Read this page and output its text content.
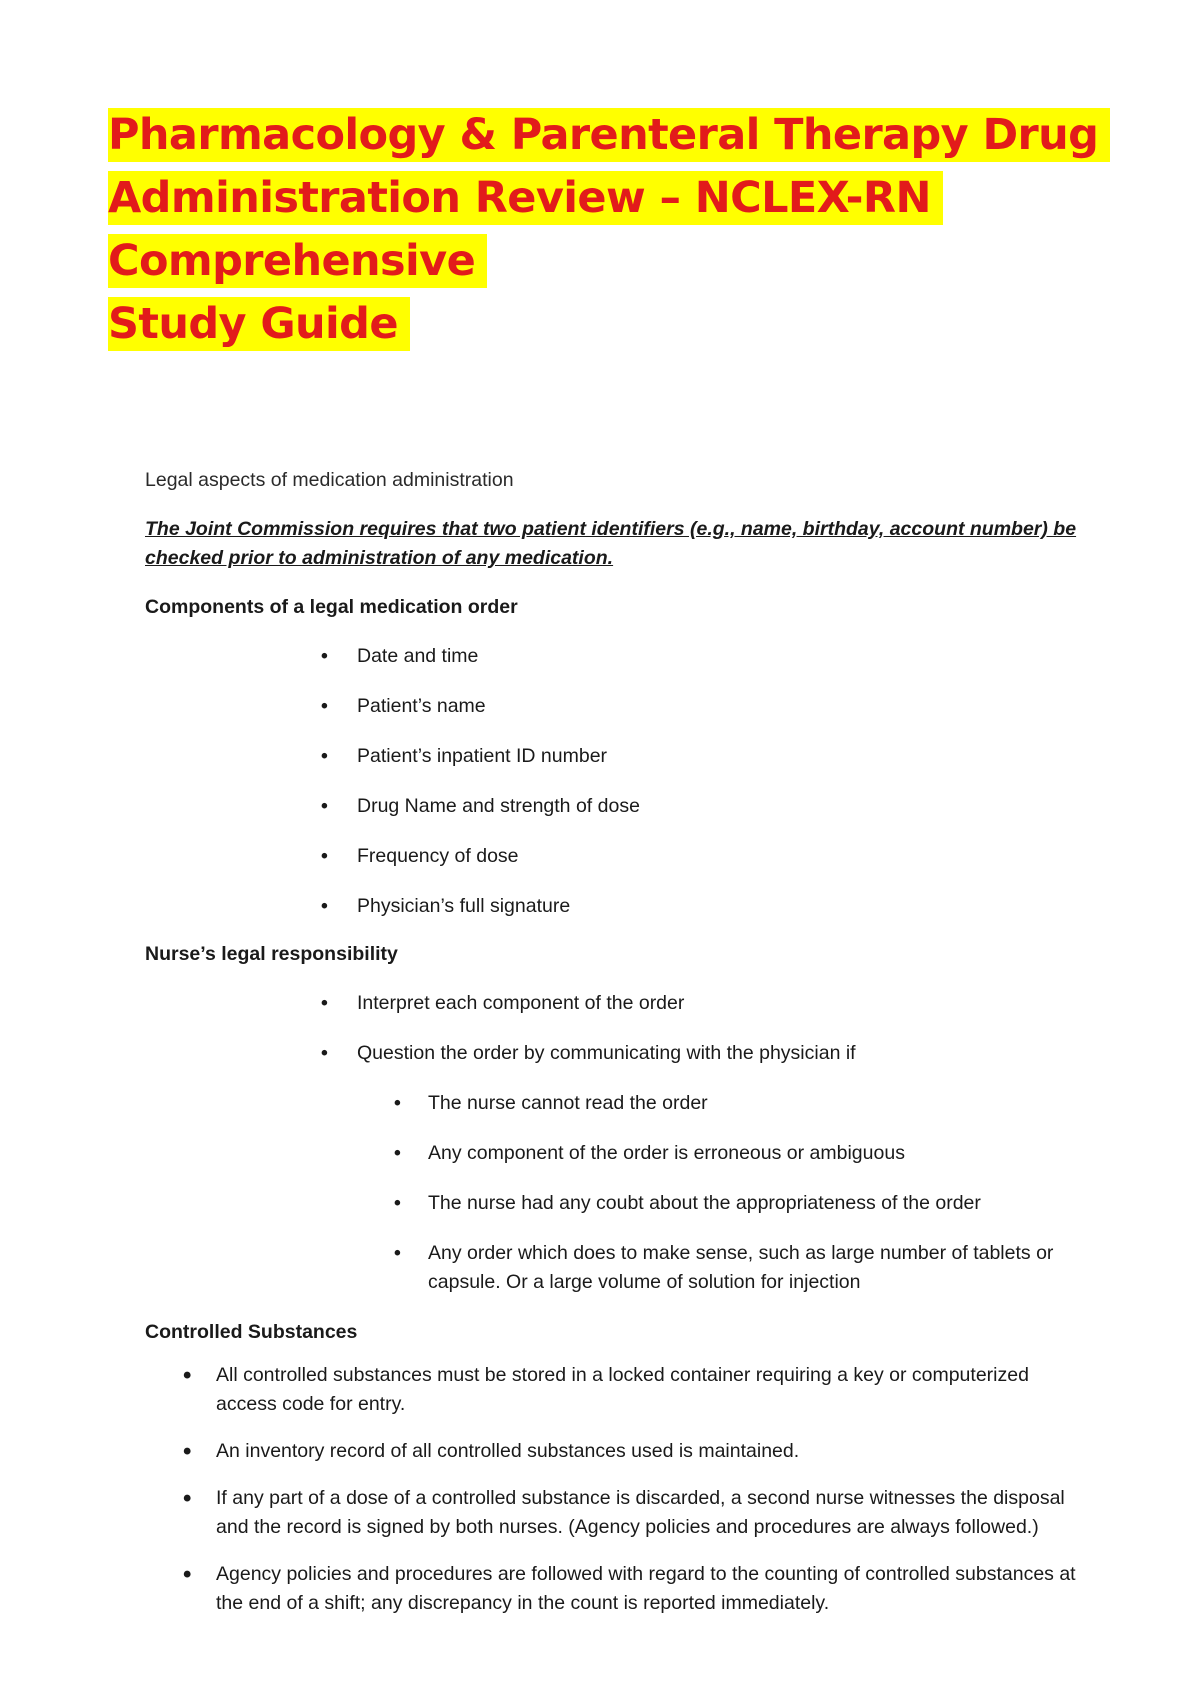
Pharmacology & Parenteral Therapy Drug
Administration Review – NCLEX-RN Comprehensive
Study Guide

Legal aspects of medication administration

The Joint Commission requires that two patient identifiers (e.g., name, birthday, account number) be checked prior to administration of any medication.

Components of a legal medication order

• Date and time
• Patient’s name
• Patient’s inpatient ID number
• Drug Name and strength of dose
• Frequency of dose
• Physician’s full signature

Nurse’s legal responsibility

• Interpret each component of the order
• Question the order by communicating with the physician if
• The nurse cannot read the order
• Any component of the order is erroneous or ambiguous
• The nurse had any coubt about the appropriateness of the order
• Any order which does to make sense, such as large number of tablets or capsule. Or a large volume of solution for injection

Controlled Substances

• All controlled substances must be stored in a locked container requiring a key or computerized access code for entry.
• An inventory record of all controlled substances used is maintained.
• If any part of a dose of a controlled substance is discarded, a second nurse witnesses the disposal and the record is signed by both nurses. (Agency policies and procedures are always followed.)
• Agency policies and procedures are followed with regard to the counting of controlled substances at the end of a shift; any discrepancy in the count is reported immediately.
